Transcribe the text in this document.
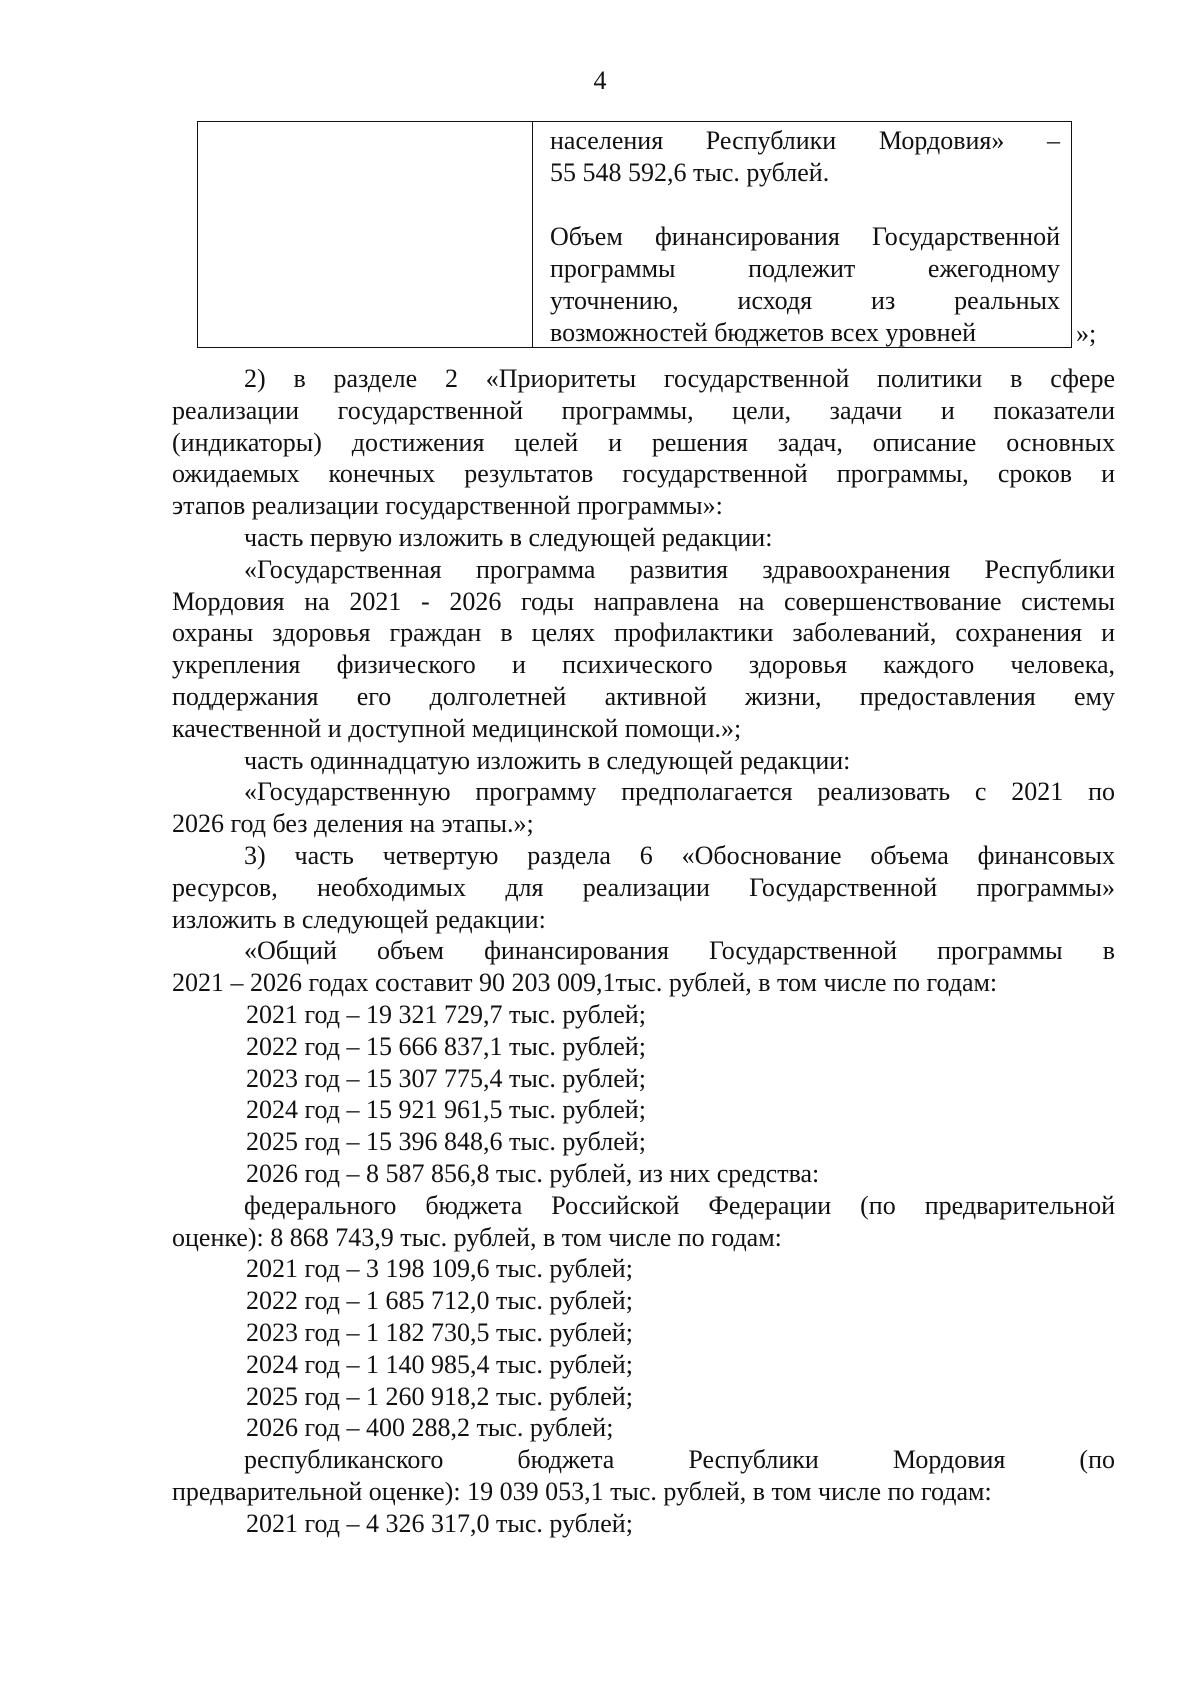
4
населения Республики Мордовия» –
55 548 592,6 тыс. рублей.
Объем финансирования Государственной
программы подлежит ежегодному
уточнению, исходя из реальных
возможностей бюджетов всех уровней	»;
2) в разделе 2 «Приоритеты государственной политики в сфере
реализации государственной программы, цели, задачи и показатели
(индикаторы) достижения целей и решения задач, описание основных
ожидаемых конечных результатов государственной программы, сроков и
этапов реализации государственной программы»:
часть первую изложить в следующей редакции:
«Государственная программа развития здравоохранения Республики
Мордовия на 2021 - 2026 годы направлена на совершенствование системы
охраны здоровья граждан в целях профилактики заболеваний, сохранения и
укрепления физического и психического здоровья каждого человека,
поддержания его долголетней активной жизни, предоставления ему
качественной и доступной медицинской помощи.»;
часть одиннадцатую изложить в следующей редакции:
«Государственную программу предполагается реализовать с 2021 по
2026 год без деления на этапы.»;
3) часть четвертую раздела 6 «Обоснование объема финансовых
ресурсов, необходимых для реализации Государственной программы»
изложить в следующей редакции:
«Общий объем финансирования Государственной программы в
2021 – 2026 годах составит 90 203 009,1тыс. рублей, в том числе по годам:
2021 год – 19 321 729,7 тыс. рублей;
2022 год – 15 666 837,1 тыс. рублей;
2023 год – 15 307 775,4 тыс. рублей;
2024 год – 15 921 961,5 тыс. рублей;
2025 год – 15 396 848,6 тыс. рублей;
2026 год – 8 587 856,8 тыс. рублей, из них средства:
федерального бюджета Российской Федерации (по предварительной
оценке): 8 868 743,9 тыс. рублей, в том числе по годам:
2021 год – 3 198 109,6 тыс. рублей;
2022 год – 1 685 712,0 тыс. рублей;
2023 год – 1 182 730,5 тыс. рублей;
2024 год – 1 140 985,4 тыс. рублей;
2025 год – 1 260 918,2 тыс. рублей;
2026 год – 400 288,2 тыс. рублей;
республиканского бюджета Республики Мордовия (по
предварительной оценке): 19 039 053,1 тыс. рублей, в том числе по годам:
2021 год – 4 326 317,0 тыс. рублей;
